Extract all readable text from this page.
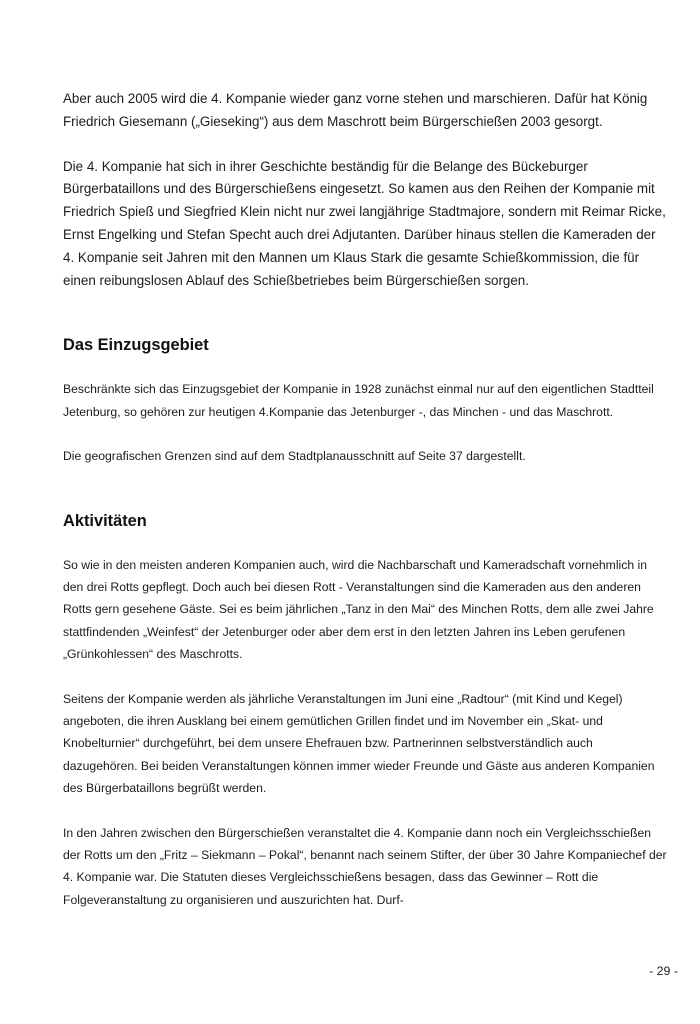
Aber auch 2005 wird die 4. Kompanie wieder ganz vorne stehen und marschieren. Dafür hat König Friedrich Giesemann („Gieseking“) aus dem Maschrott beim Bürgerschießen 2003 gesorgt.

Die 4. Kompanie hat sich in ihrer Geschichte beständig für die Belange des Bückeburger Bürgerbataillons und des Bürgerschießens eingesetzt. So kamen aus den Reihen der Kompanie mit Friedrich Spieß und Siegfried Klein nicht nur zwei langjährige Stadtmajore, sondern mit Reimar Ricke, Ernst Engelking und Stefan Specht auch drei Adjutanten. Darüber hinaus stellen die Kameraden der 4. Kompanie seit Jahren mit den Mannen um Klaus Stark die gesamte Schießkommission, die für einen reibungslosen Ablauf des Schießbetriebes beim Bürgerschießen sorgen.

Das Einzugsgebiet

Beschränkte sich das Einzugsgebiet der Kompanie in 1928 zunächst einmal nur auf den eigentlichen Stadtteil Jetenburg, so gehören zur heutigen 4.Kompanie das Jetenburger -, das Minchen - und das Maschrott.

Die geografischen Grenzen sind auf dem Stadtplanausschnitt auf Seite 37 dargestellt.

Aktivitäten

So wie in den meisten anderen Kompanien auch, wird die Nachbarschaft und Kameradschaft vornehmlich in den drei Rotts gepflegt. Doch auch bei diesen Rott - Veranstaltungen sind die Kameraden aus den anderen Rotts gern gesehene Gäste. Sei es beim jährlichen „Tanz in den Mai“ des Minchen Rotts, dem alle zwei Jahre stattfindenden „Weinfest“ der Jetenburger oder aber dem erst in den letzten Jahren ins Leben gerufenen „Grünkohlessen“ des Maschrotts.

Seitens der Kompanie werden als jährliche Veranstaltungen im Juni eine „Radtour“ (mit Kind und Kegel) angeboten, die ihren Ausklang bei einem gemütlichen Grillen findet und im November ein „Skat- und Knobelturnier“ durchgeführt, bei dem unsere Ehefrauen bzw. Partnerinnen selbstverständlich auch dazugehören. Bei beiden Veranstaltungen können immer wieder Freunde und Gäste aus anderen Kompanien des Bürgerbataillons begrüßt werden.

In den Jahren zwischen den Bürgerschießen veranstaltet die 4. Kompanie dann noch ein Vergleichsschießen der Rotts um den „Fritz – Siekmann – Pokal“, benannt nach seinem Stifter, der über 30 Jahre Kompaniechef der 4. Kompanie war. Die Statuten dieses Vergleichsschießens besagen, dass das Gewinner – Rott die Folgeveranstaltung zu organisieren und auszurichten hat. Durf-

- 29 -
